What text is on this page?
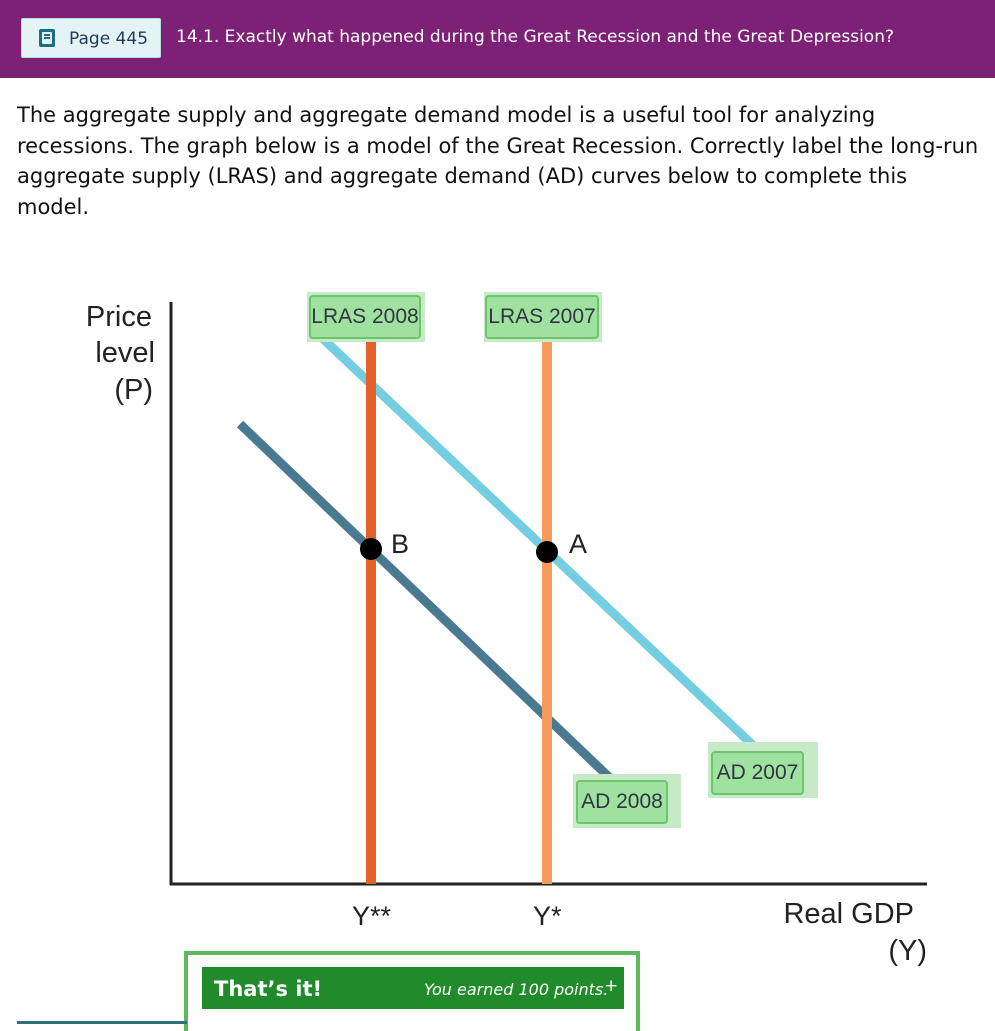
Page 445 14.1. Exactly what happened during the Great Recession and the Great Depression?
The aggregate supply and aggregate demand model is a useful tool for analyzing recessions. The graph below is a model of the Great Recession. Correctly label the long-run aggregate supply (LRAS) and aggregate demand (AD) curves below to complete this model.
Price
level
(P)
Real GDP
(Y)
Y**	Y*
B	A
LRAS 2008	LRAS 2007
AD 2008
AD 2007
That’s it!	You earned 100 points.
+
